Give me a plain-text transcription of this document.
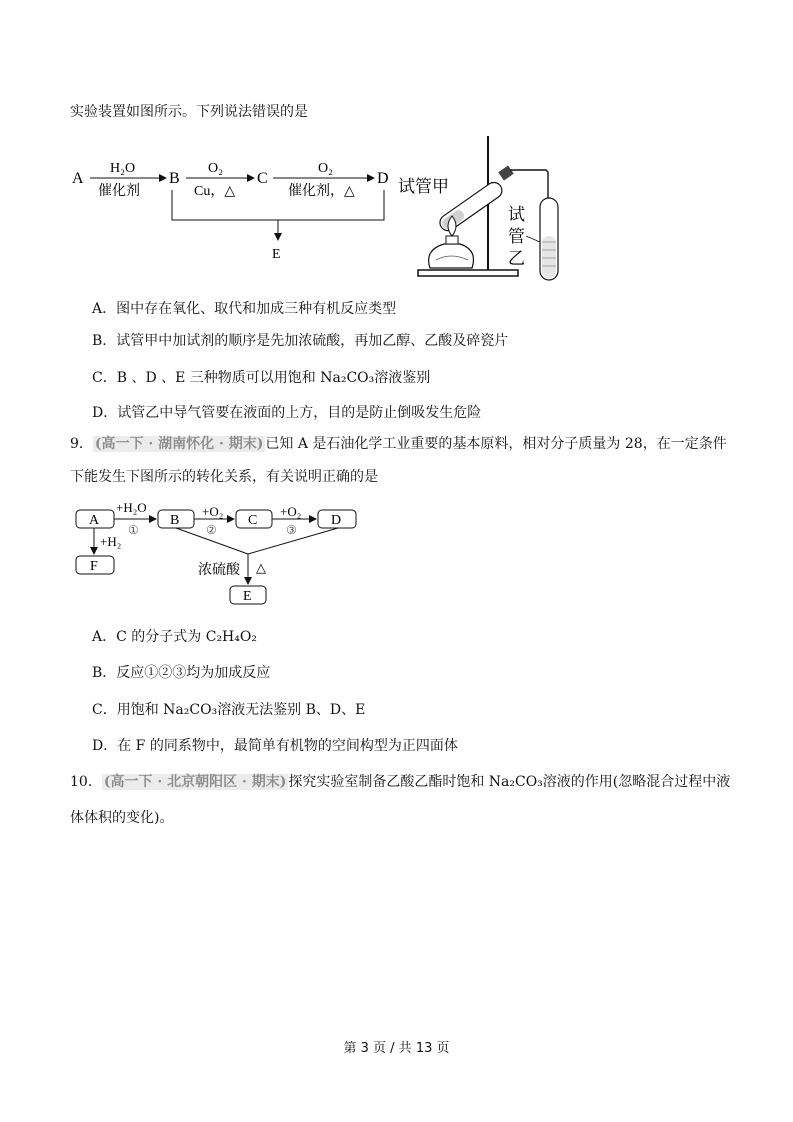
实验装置如图所示。下列说法错误的是
A
H₂O
催化剂
B
O₂
Cu，△
C
O₂
催化剂，△
D
E
试管甲
试
管
乙
A．图中存在氧化、取代和加成三种有机反应类型
B．试管甲中加试剂的顺序是先加浓硫酸，再加乙醇、乙酸及碎瓷片
C．B 、D 、E 三种物质可以用饱和 Na₂CO₃溶液鉴别
D．试管乙中导气管要在液面的上方，目的是防止倒吸发生危险
9． (高一下 · 湖南怀化 · 期末) 已知 A 是石油化学工业重要的基本原料，相对分子质量为 28，在一定条件
下能发生下图所示的转化关系，有关说明正确的是
A
+H₂O
①
B
+O₂
②
C
+O₂
③
D
+H₂
F	浓硫酸 △
E
A．C 的分子式为 C₂H₄O₂
B．反应①②③均为加成反应
C．用饱和 Na₂CO₃溶液无法鉴别 B、D、E
D．在 F 的同系物中，最简单有机物的空间构型为正四面体
10． (高一下 · 北京朝阳区 · 期末) 探究实验室制备乙酸乙酯时饱和 Na₂CO₃溶液的作用(忽略混合过程中液
体体积的变化)。
第 3 页 / 共 13 页
